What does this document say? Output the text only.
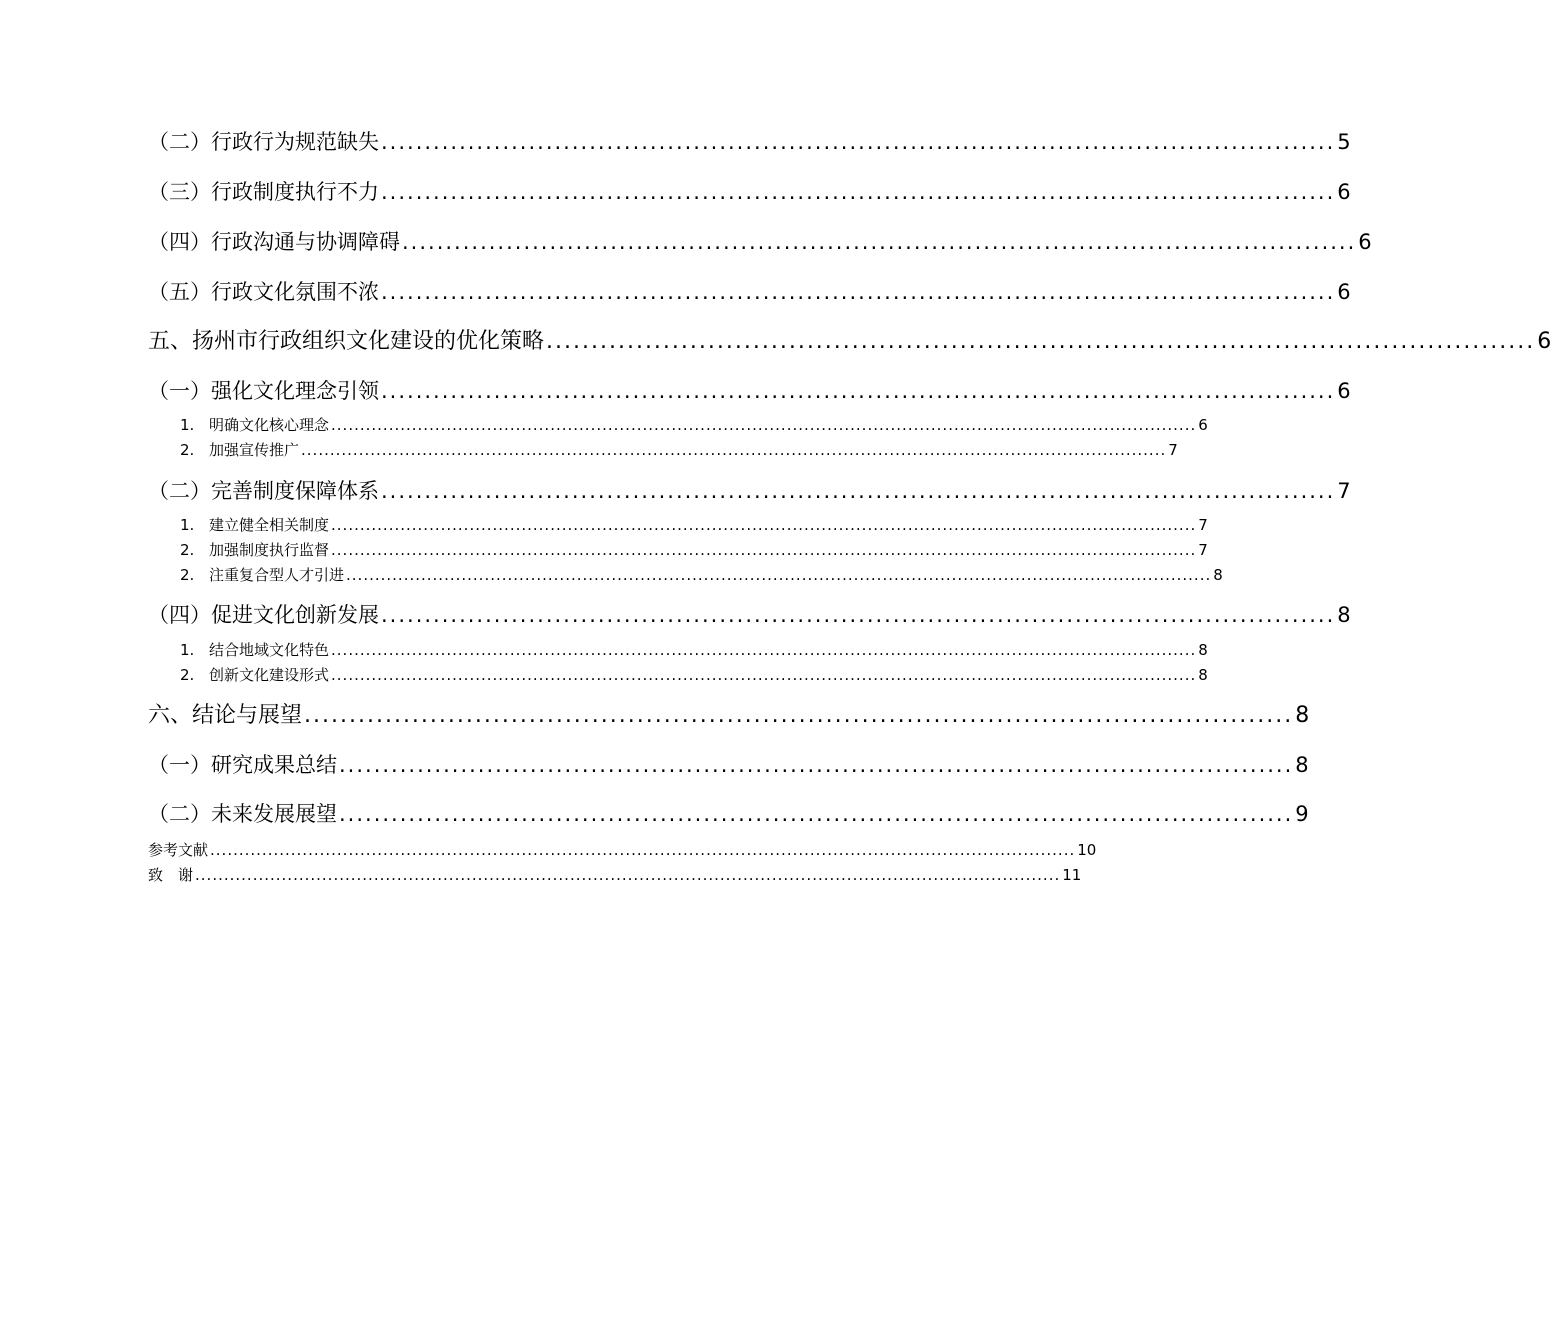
（二）行政行为规范缺失 .............................................................................................................. 5
（三）行政制度执行不力 .............................................................................................................. 6
（四）行政沟通与协调障碍 .............................................................................................................. 6
（五）行政文化氛围不浓 .............................................................................................................. 6
五、扬州市行政组织文化建设的优化策略 .............................................................................................................. 6
（一）强化文化理念引领 .............................................................................................................. 6
1. 明确文化核心理念 ...................................................................................................................................................... 6
2. 加强宣传推广 ...................................................................................................................................................... 7
（二）完善制度保障体系 .............................................................................................................. 7
1. 建立健全相关制度 ...................................................................................................................................................... 7
2. 加强制度执行监督 ...................................................................................................................................................... 7
2. 注重复合型人才引进 ...................................................................................................................................................... 8
（四）促进文化创新发展 .............................................................................................................. 8
1. 结合地域文化特色 ...................................................................................................................................................... 8
2. 创新文化建设形式 ...................................................................................................................................................... 8
六、结论与展望 .............................................................................................................. 8
（一）研究成果总结 .............................................................................................................. 8
（二）未来发展展望 .............................................................................................................. 9
参考文献 ...................................................................................................................................................... 10
致　谢 ...................................................................................................................................................... 11
